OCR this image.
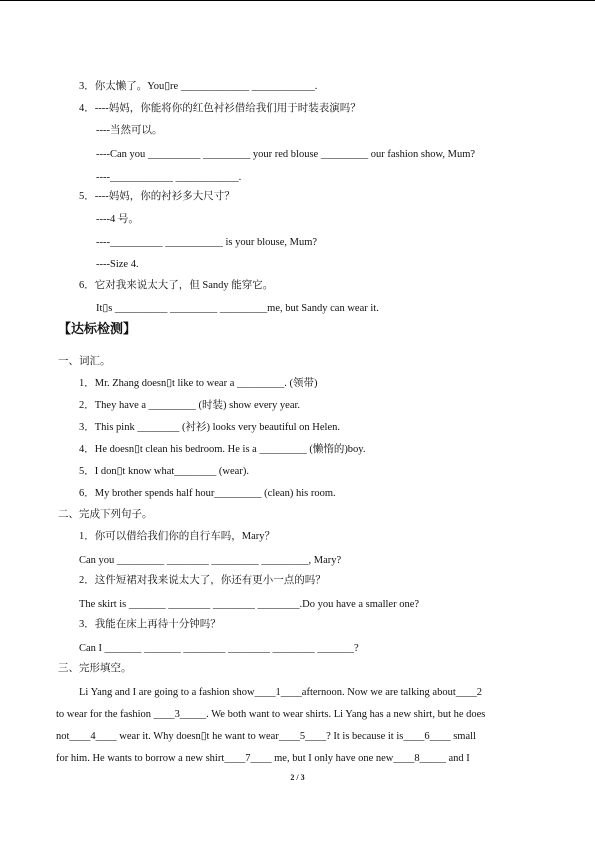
3．你太懒了。You▯re _____________ ____________.
4．----妈妈，你能将你的红色衬衫借给我们用于时装表演吗？
----当然可以。
----Can you __________ _________ your red blouse _________ our fashion show, Mum?
----____________ ____________.
5．----妈妈，你的衬衫多大尺寸？
----4 号。
----__________ ___________ is your blouse, Mum?
----Size 4.
6．它对我来说太大了，但 Sandy 能穿它。
It▯s __________ _________ _________me, but Sandy can wear it.
【达标检测】
一、词汇。
1．Mr. Zhang doesn▯t like to wear a _________. (领带)
2．They have a _________ (时装) show every year.
3．This pink ________ (衬衫) looks very beautiful on Helen.
4．He doesn▯t clean his bedroom. He is a _________ (懒惰的)boy.
5．I don▯t know what________ (wear).
6．My brother spends half hour_________ (clean) his room.
二、完成下列句子。
1．你可以借给我们你的自行车吗，Mary？
Can you _________ ________ _________ _________, Mary?
2．这件短裙对我来说太大了，你还有更小一点的吗？
The skirt is _______ ________ ________ ________.Do you have a smaller one?
3．我能在床上再待十分钟吗？
Can I _______ _______ ________ ________ ________ _______?
三、完形填空。
Li Yang and I are going to a fashion show____1____afternoon. Now we are talking about____2
to wear for the fashion ____3_____. We both want to wear shirts. Li Yang has a new shirt, but he does
not____4____ wear it. Why doesn▯t he want to wear____5____? It is because it is____6____ small
for him. He wants to borrow a new shirt____7____ me, but I only have one new____8_____ and I
2 / 3
